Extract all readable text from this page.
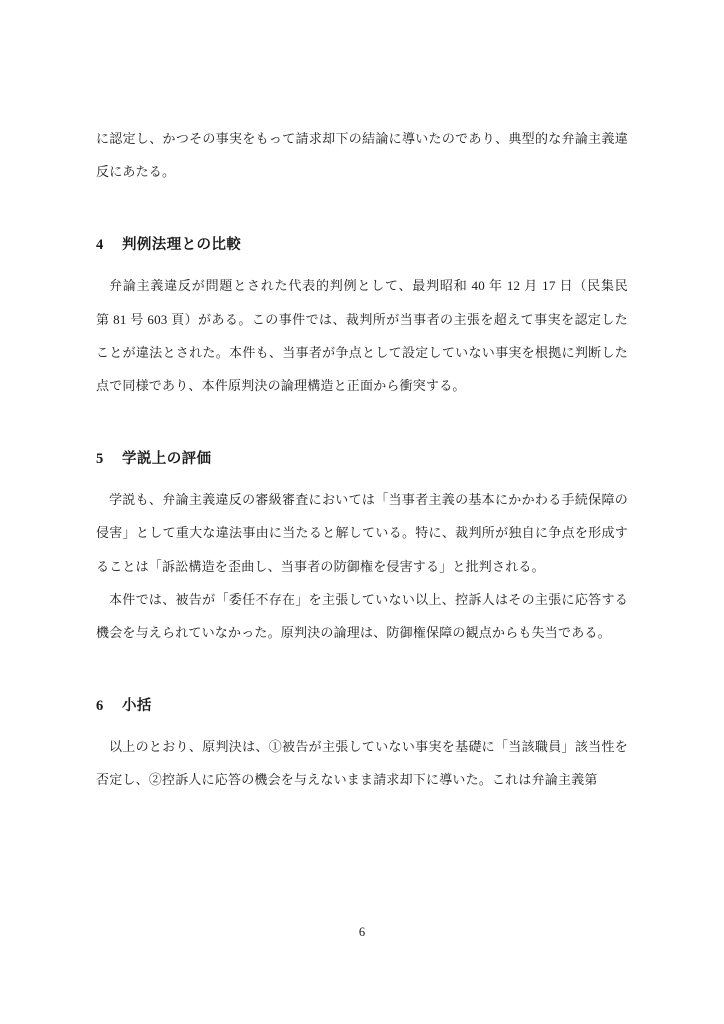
に認定し、かつその事実をもって請求却下の結論に導いたのであり、典型的な弁論主義違反にあたる。

4 判例法理との比較

弁論主義違反が問題とされた代表的判例として、最判昭和 40 年 12 月 17 日（民集民　第 81 号 603 頁）がある。この事件では、裁判所が当事者の主張を超えて事実を認定したことが違法とされた。本件も、当事者が争点として設定していない事実を根拠に判断した点で同様であり、本件原判決の論理構造と正面から衝突する。

5 学説上の評価

学説も、弁論主義違反の審級審査においては「当事者主義の基本にかかわる手続保障の侵害」として重大な違法事由に当たると解している。特に、裁判所が独自に争点を形成することは「訴訟構造を歪曲し、当事者の防御権を侵害する」と批判される。

本件では、被告が「委任不存在」を主張していない以上、控訴人はその主張に応答する機会を与えられていなかった。原判決の論理は、防御権保障の観点からも失当である。

6 小括

以上のとおり、原判決は、①被告が主張していない事実を基礎に「当該職員」該当性を否定し、②控訴人に応答の機会を与えないまま請求却下に導いた。これは弁論主義第

6
